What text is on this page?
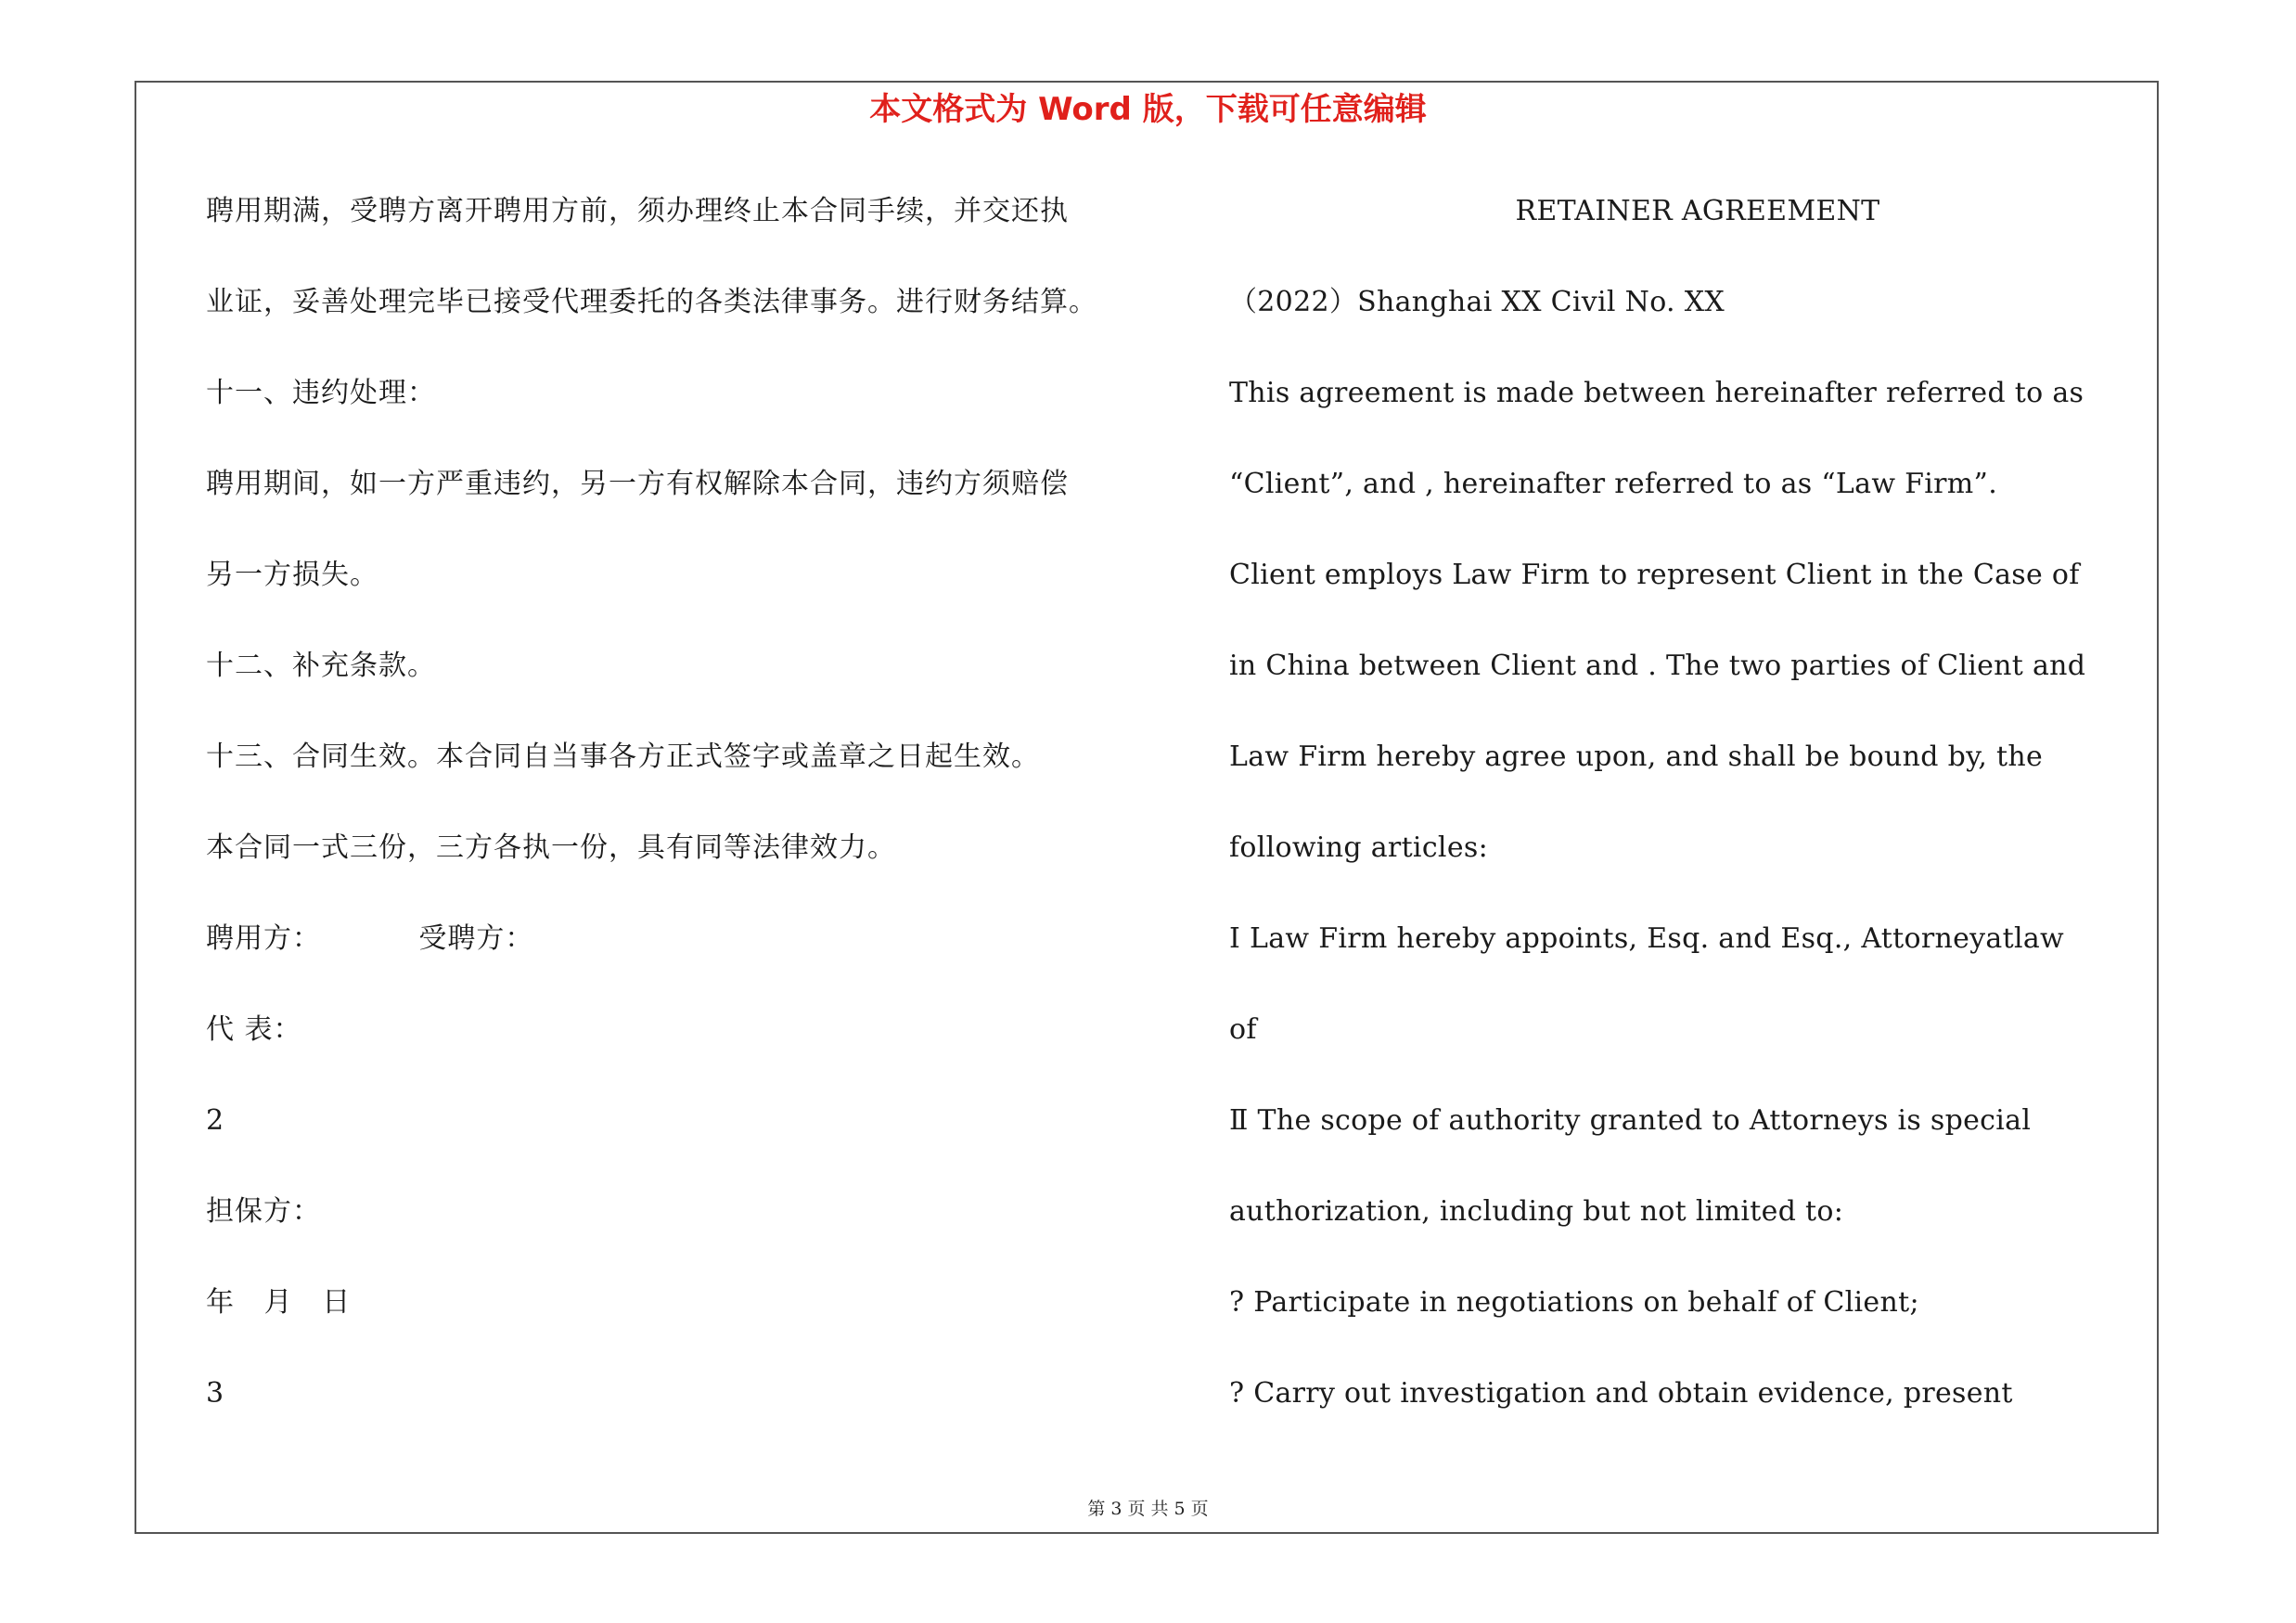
本文格式为 Word 版，下载可任意编辑
聘用期满，受聘方离开聘用方前，须办理终止本合同手续，并交还执
业证，妥善处理完毕已接受代理委托的各类法律事务。进行财务结算。
十一、违约处理：
聘用期间，如一方严重违约，另一方有权解除本合同，违约方须赔偿
另一方损失。
十二、补充条款。
十三、合同生效。本合同自当事各方正式签字或盖章之日起生效。
本合同一式三份，三方各执一份，具有同等法律效力。
聘用方：          受聘方：
代 表：
2
担保方：
年   月   日
3
RETAINER AGREEMENT
（2022）Shanghai XX Civil No. XX
This agreement is made between hereinafter referred to as
“Client”, and , hereinafter referred to as “Law Firm”.
Client employs Law Firm to represent Client in the Case of
in China between Client and . The two parties of Client and
Law Firm hereby agree upon, and shall be bound by, the
following articles:
Ⅰ Law Firm hereby appoints, Esq. and Esq., Attorneyatlaw
of
Ⅱ The scope of authority granted to Attorneys is special
authorization, including but not limited to:
? Participate in negotiations on behalf of Client;
? Carry out investigation and obtain evidence, present
第 3 页 共 5 页
